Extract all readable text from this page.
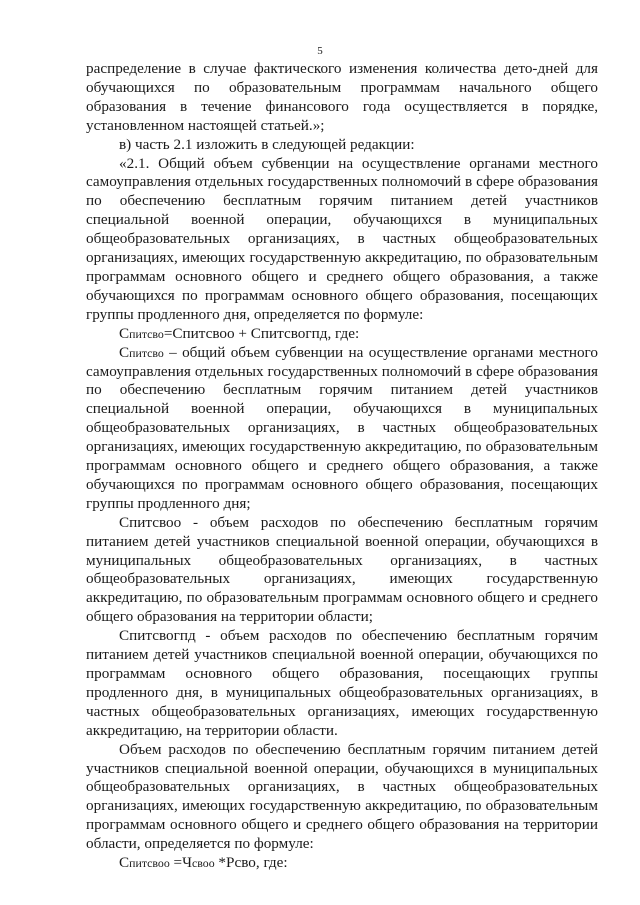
5

распределение в случае фактического изменения количества дето-дней для обучающихся по образовательным программам начального общего образования в течение финансового года осуществляется в порядке, установленном настоящей статьей.»;

в) часть 2.1 изложить в следующей редакции:

«2.1. Общий объем субвенции на осуществление органами местного самоуправления отдельных государственных полномочий в сфере образования по обеспечению бесплатным горячим питанием детей участников специальной военной операции, обучающихся в муниципальных общеобразовательных организациях, в частных общеобразовательных организациях, имеющих государственную аккредитацию, по образовательным программам основного общего и среднего общего образования, а также обучающихся по программам основного общего образования, посещающих группы продленного дня, определяется по формуле:

Спитсво=Спитсвоо + Спитсвогпд, где:

Спитсво – общий объем субвенции на осуществление органами местного самоуправления отдельных государственных полномочий в сфере образования по обеспечению бесплатным горячим питанием детей участников специальной военной операции, обучающихся в муниципальных общеобразовательных организациях, в частных общеобразовательных организациях, имеющих государственную аккредитацию, по образовательным программам основного общего и среднего общего образования, а также обучающихся по программам основного общего образования, посещающих группы продленного дня;

Спитсвоо - объем расходов по обеспечению бесплатным горячим питанием детей участников специальной военной операции, обучающихся в муниципальных общеобразовательных организациях, в частных общеобразовательных организациях, имеющих государственную аккредитацию, по образовательным программам основного общего и среднего общего образования на территории области;

Спитсвогпд - объем расходов по обеспечению бесплатным горячим питанием детей участников специальной военной операции, обучающихся по программам основного общего образования, посещающих группы продленного дня, в муниципальных общеобразовательных организациях, в частных общеобразовательных организациях, имеющих государственную аккредитацию, на территории области.

Объем расходов по обеспечению бесплатным горячим питанием детей участников специальной военной операции, обучающихся в муниципальных общеобразовательных организациях, в частных общеобразовательных организациях, имеющих государственную аккредитацию, по образовательным программам основного общего и среднего общего образования на территории области, определяется по формуле:

Спитсвоо =Чсвоо *Рсво, где:
